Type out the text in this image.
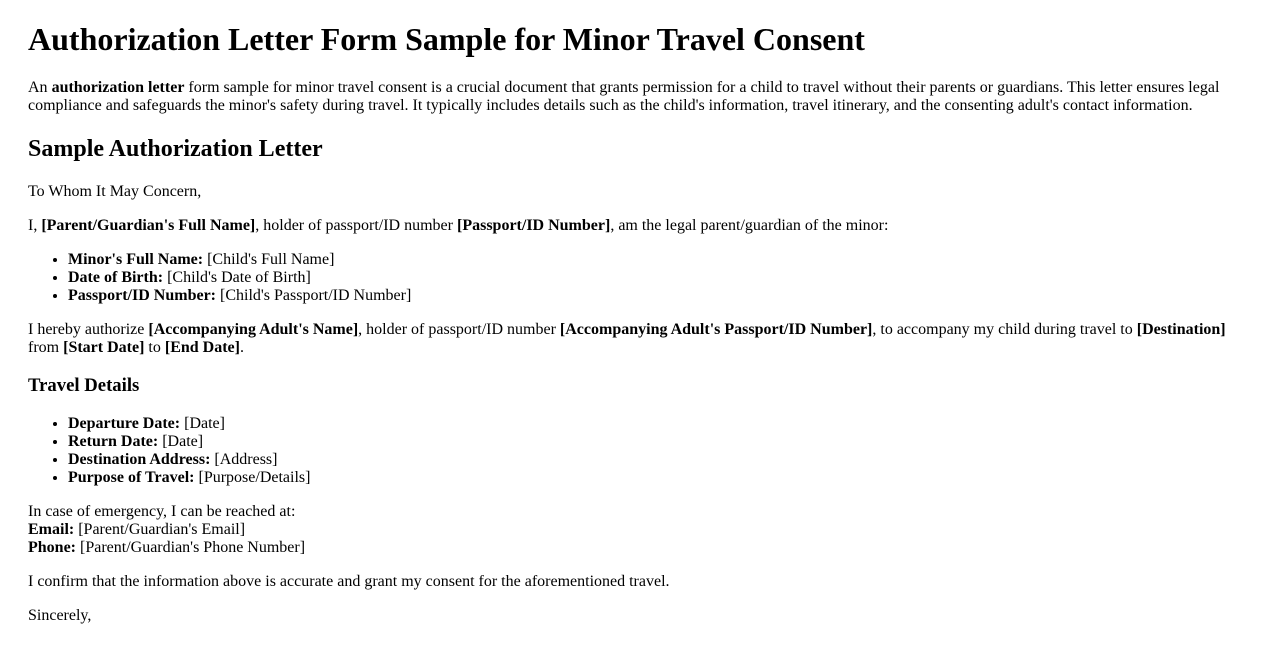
Authorization Letter Form Sample for Minor Travel Consent

An authorization letter form sample for minor travel consent is a crucial document that grants permission for a child to travel without their parents or guardians. This letter ensures legal compliance and safeguards the minor's safety during travel. It typically includes details such as the child's information, travel itinerary, and the consenting adult's contact information.

Sample Authorization Letter

To Whom It May Concern,

I, [Parent/Guardian's Full Name], holder of passport/ID number [Passport/ID Number], am the legal parent/guardian of the minor:

• Minor's Full Name: [Child's Full Name]
• Date of Birth: [Child's Date of Birth]
• Passport/ID Number: [Child's Passport/ID Number]

I hereby authorize [Accompanying Adult's Name], holder of passport/ID number [Accompanying Adult's Passport/ID Number], to accompany my child during travel to [Destination] from [Start Date] to [End Date].

Travel Details
• Departure Date: [Date]
• Return Date: [Date]
• Destination Address: [Address]
• Purpose of Travel: [Purpose/Details]

In case of emergency, I can be reached at:
Email: [Parent/Guardian's Email]
Phone: [Parent/Guardian's Phone Number]

I confirm that the information above is accurate and grant my consent for the aforementioned travel.

Sincerely,
